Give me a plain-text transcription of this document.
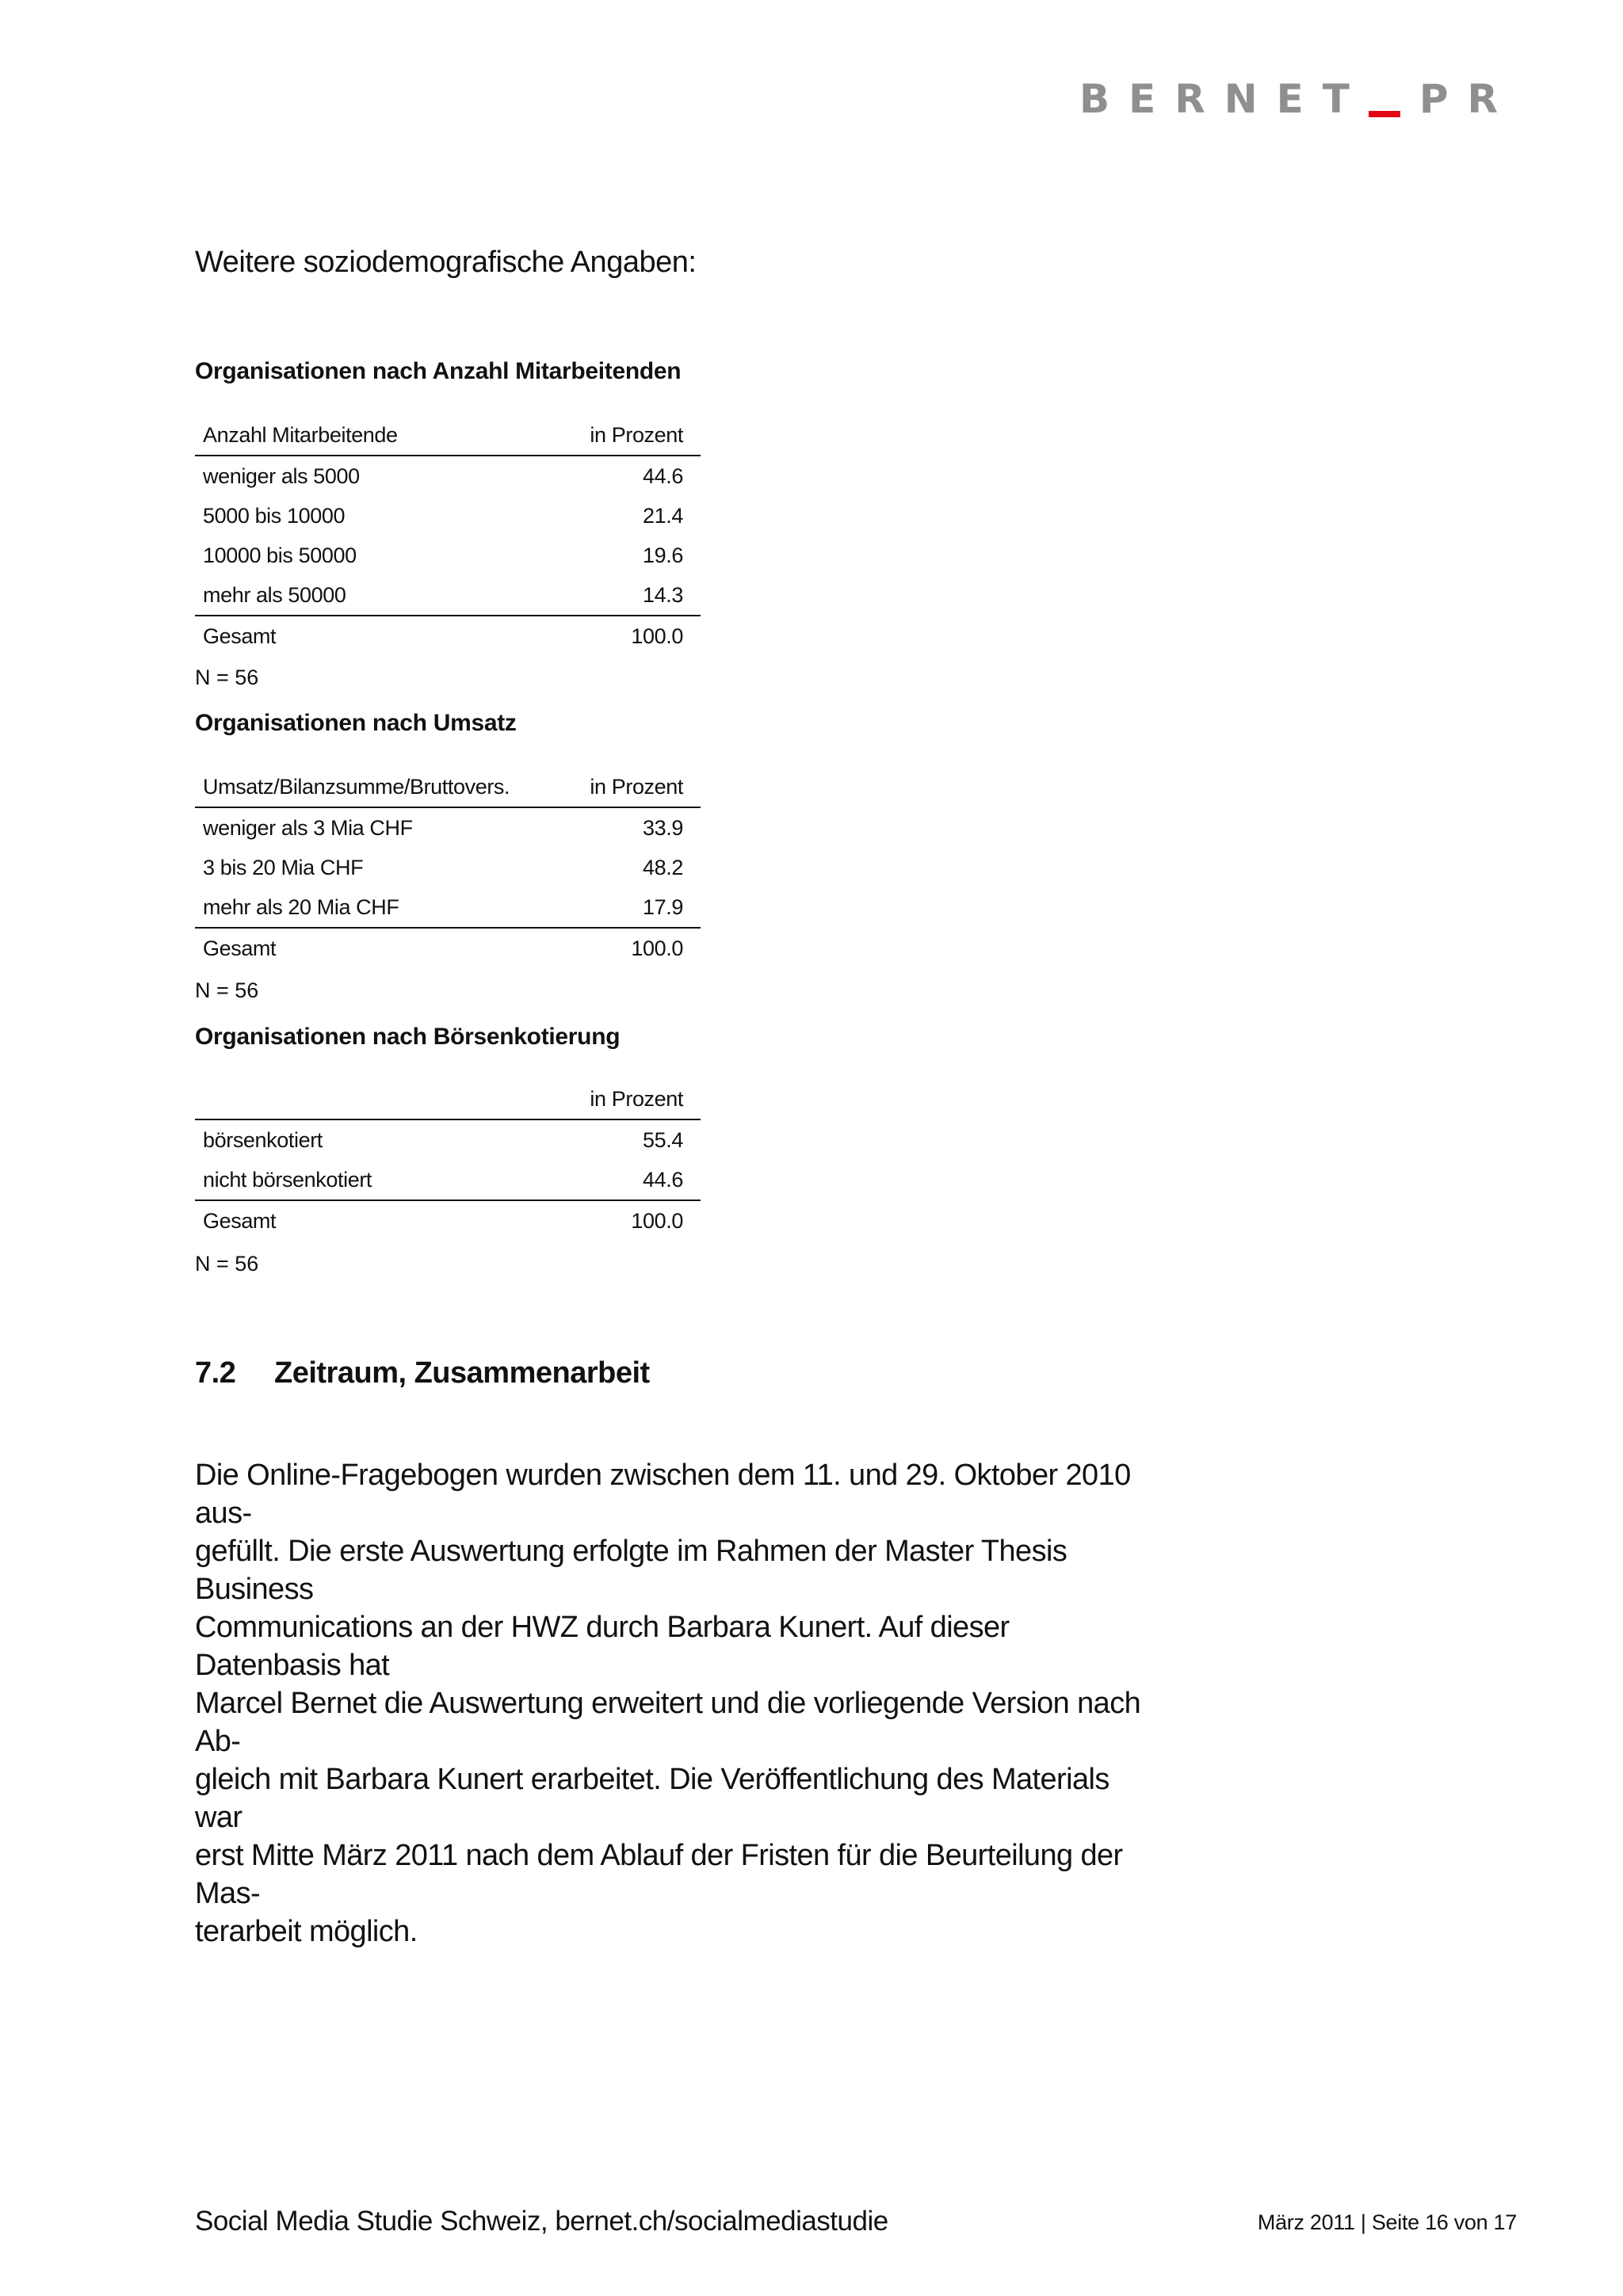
BERNET PR
Weitere soziodemografische Angaben:
Organisationen nach Anzahl Mitarbeitenden
Anzahl Mitarbeitende	in Prozent
weniger als 5000	44.6
5000 bis 10000	21.4
10000 bis 50000	19.6
mehr als 50000	14.3
Gesamt	100.0

N = 56

Organisationen nach Umsatz
Umsatz/Bilanzsumme/Bruttovers.	in Prozent
weniger als 3 Mia CHF	33.9
3 bis 20 Mia CHF	48.2
mehr als 20 Mia CHF	17.9
Gesamt	100.0

N = 56

Organisationen nach Börsenkotierung
	in Prozent
börsenkotiert	55.4
nicht börsenkotiert	44.6
Gesamt	100.0

N = 56

7.2 Zeitraum, Zusammenarbeit

Die Online-Fragebogen wurden zwischen dem 11. und 29. Oktober 2010 aus-
gefüllt. Die erste Auswertung erfolgte im Rahmen der Master Thesis Business
Communications an der HWZ durch Barbara Kunert. Auf dieser Datenbasis hat
Marcel Bernet die Auswertung erweitert und die vorliegende Version nach Ab-
gleich mit Barbara Kunert erarbeitet. Die Veröffentlichung des Materials war
erst Mitte März 2011 nach dem Ablauf der Fristen für die Beurteilung der Mas-
terarbeit möglich.

Social Media Studie Schweiz, bernet.ch/socialmediastudie	März 2011 | Seite 16 von 17
